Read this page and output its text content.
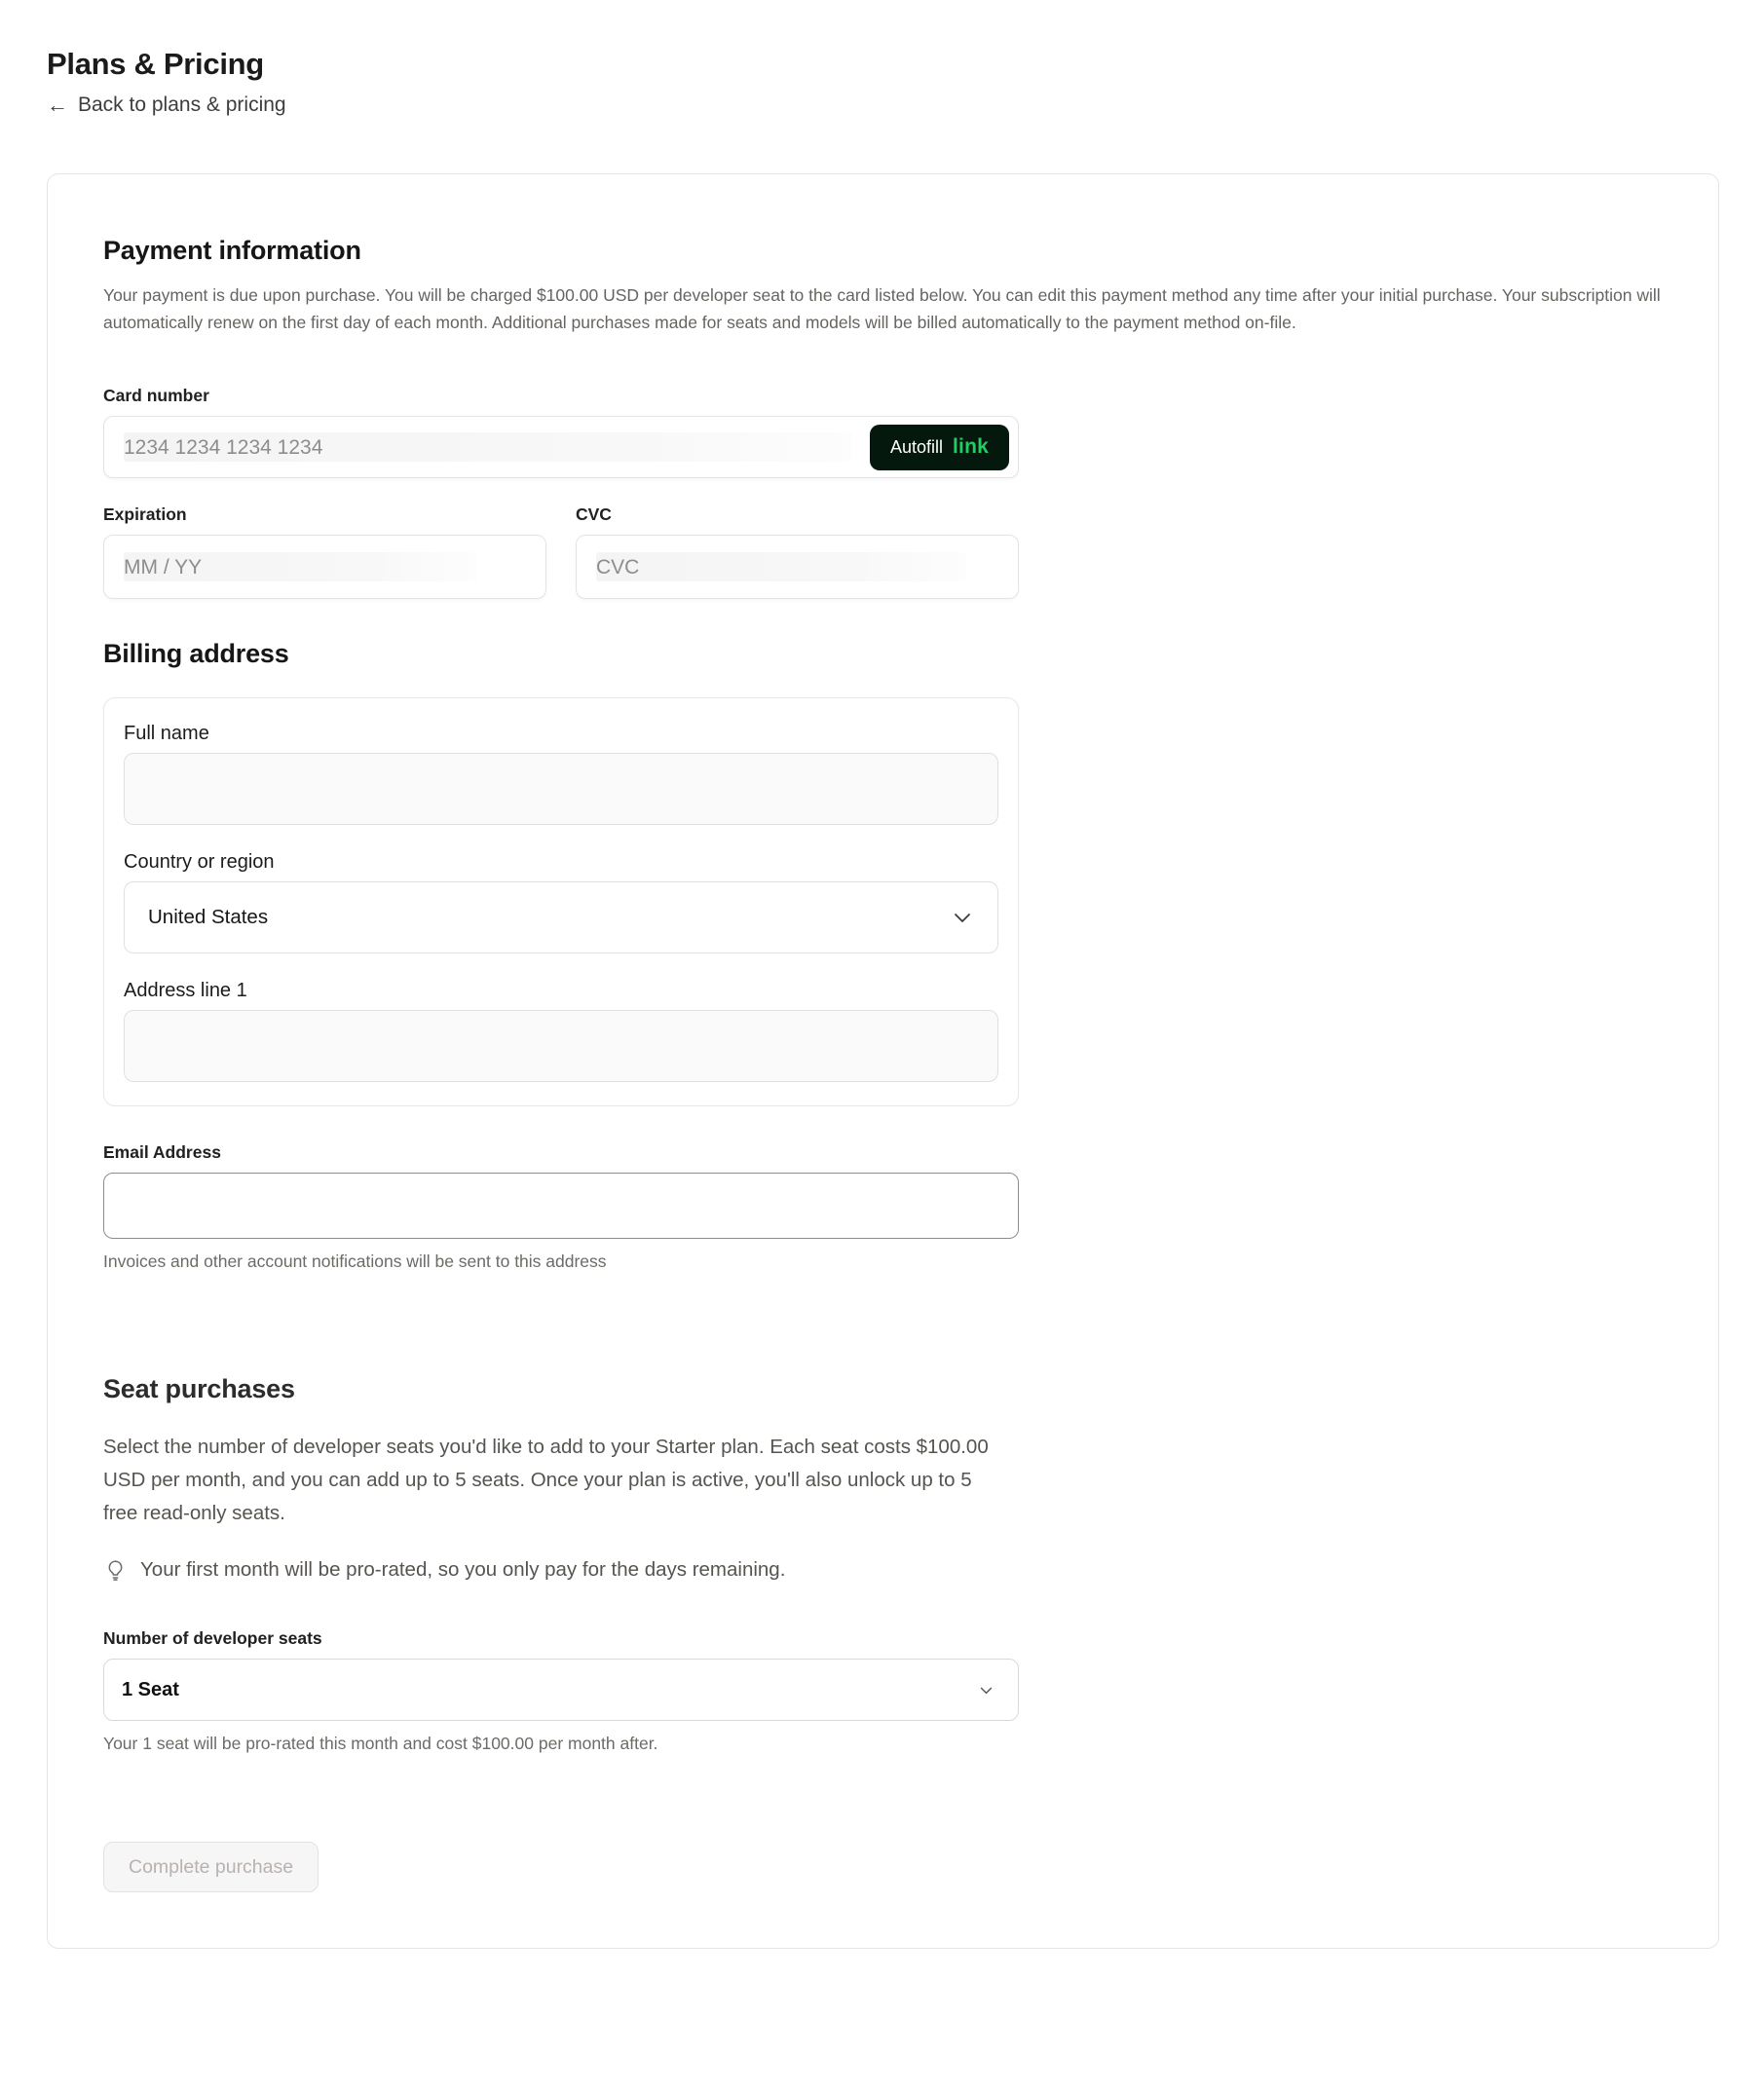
Plans & Pricing
← Back to plans & pricing
Payment information

Your payment is due upon purchase. You will be charged $100.00 USD per developer seat to the card listed below. You can edit this payment method any time after your initial purchase. Your subscription will automatically renew on the first day of each month. Additional purchases made for seats and models will be billed automatically to the payment method on-file.

Card number
1234 1234 1234 1234	Autofill link
Expiration
MM / YY
CVC
CVC
Billing address
Full name
Country or region
United States
Address line 1
Email Address
Invoices and other account notifications will be sent to this address
Seat purchases

Select the number of developer seats you'd like to add to your Starter plan. Each seat costs $100.00 USD per month, and you can add up to 5 seats. Once your plan is active, you'll also unlock up to 5 free read-only seats.

Your first month will be pro-rated, so you only pay for the days remaining.
Number of developer seats
1 Seat
Your 1 seat will be pro-rated this month and cost $100.00 per month after.
Complete purchase
